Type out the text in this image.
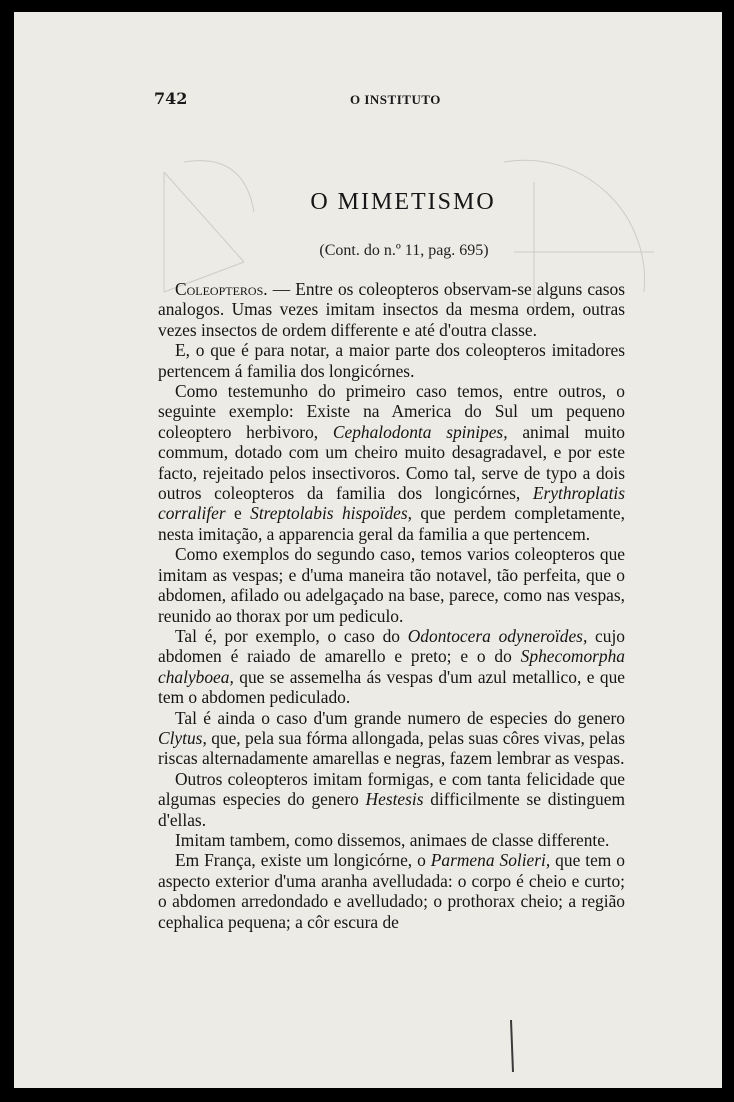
742	O INSTITUTO
O MIMETISMO
(Cont. do n.º 11, pag. 695)

Coleopteros. — Entre os coleopteros observam-se alguns casos analogos. Umas vezes imitam insectos da mesma ordem, outras vezes insectos de ordem differente e até d'outra classe.

E, o que é para notar, a maior parte dos coleopteros imitadores pertencem á familia dos longicórnes.

Como testemunho do primeiro caso temos, entre outros, o seguinte exemplo: Existe na America do Sul um pequeno coleoptero herbivoro, Cephalodonta spinipes, animal muito commum, dotado com um cheiro muito desagradavel, e por este facto, rejeitado pelos insectivoros. Como tal, serve de typo a dois outros coleopteros da familia dos longicórnes, Erythroplatis corralifer e Streptolabis hispoïdes, que perdem completamente, nesta imitação, a apparencia geral da familia a que pertencem.

Como exemplos do segundo caso, temos varios coleopteros que imitam as vespas; e d'uma maneira tão notavel, tão perfeita, que o abdomen, afilado ou adelgaçado na base, parece, como nas vespas, reunido ao thorax por um pediculo.

Tal é, por exemplo, o caso do Odontocera odyneroïdes, cujo abdomen é raiado de amarello e preto; e o do Sphecomorpha chalyboea, que se assemelha ás vespas d'um azul metallico, e que tem o abdomen pediculado.

Tal é ainda o caso d'um grande numero de especies do genero Clytus, que, pela sua fórma allongada, pelas suas côres vivas, pelas riscas alternadamente amarellas e negras, fazem lembrar as vespas.

Outros coleopteros imitam formigas, e com tanta felicidade que algumas especies do genero Hestesis difficilmente se distinguem d'ellas.

Imitam tambem, como dissemos, animaes de classe differente.

Em França, existe um longicórne, o Parmena Solieri, que tem o aspecto exterior d'uma aranha avelludada: o corpo é cheio e curto; o abdomen arredondado e avelludado; o prothorax cheio; a região cephalica pequena; a côr escura de
